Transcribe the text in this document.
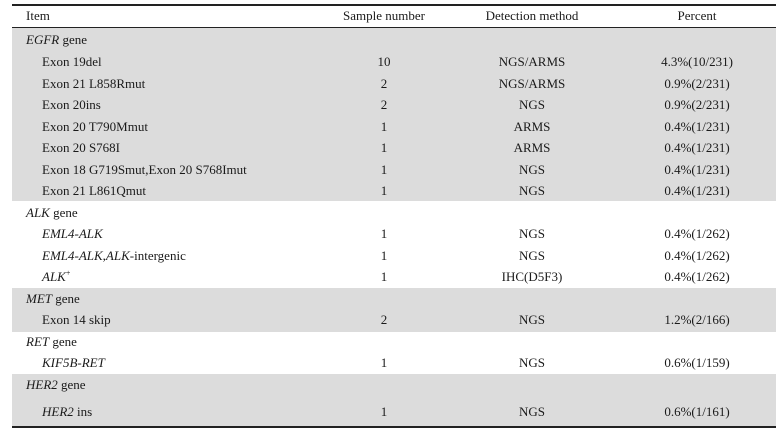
Item	Sample number	Detection method	Percent
EGFR gene
Exon 19del	10	NGS/ARMS	4.3%(10/231)
Exon 21 L858Rmut	2	NGS/ARMS	0.9%(2/231)
Exon 20ins	2	NGS	0.9%(2/231)
Exon 20 T790Mmut	1	ARMS	0.4%(1/231)
Exon 20 S768I	1	ARMS	0.4%(1/231)
Exon 18 G719Smut,Exon 20 S768Imut	1	NGS	0.4%(1/231)
Exon 21 L861Qmut	1	NGS	0.4%(1/231)
ALK gene
EML4-ALK	1	NGS	0.4%(1/262)
EML4-ALK,ALK-intergenic	1	NGS	0.4%(1/262)
ALK+	1	IHC(D5F3)	0.4%(1/262)
MET gene
Exon 14 skip	2	NGS	1.2%(2/166)
RET gene
KIF5B-RET	1	NGS	0.6%(1/159)
HER2 gene
HER2 ins	1	NGS	0.6%(1/161)
